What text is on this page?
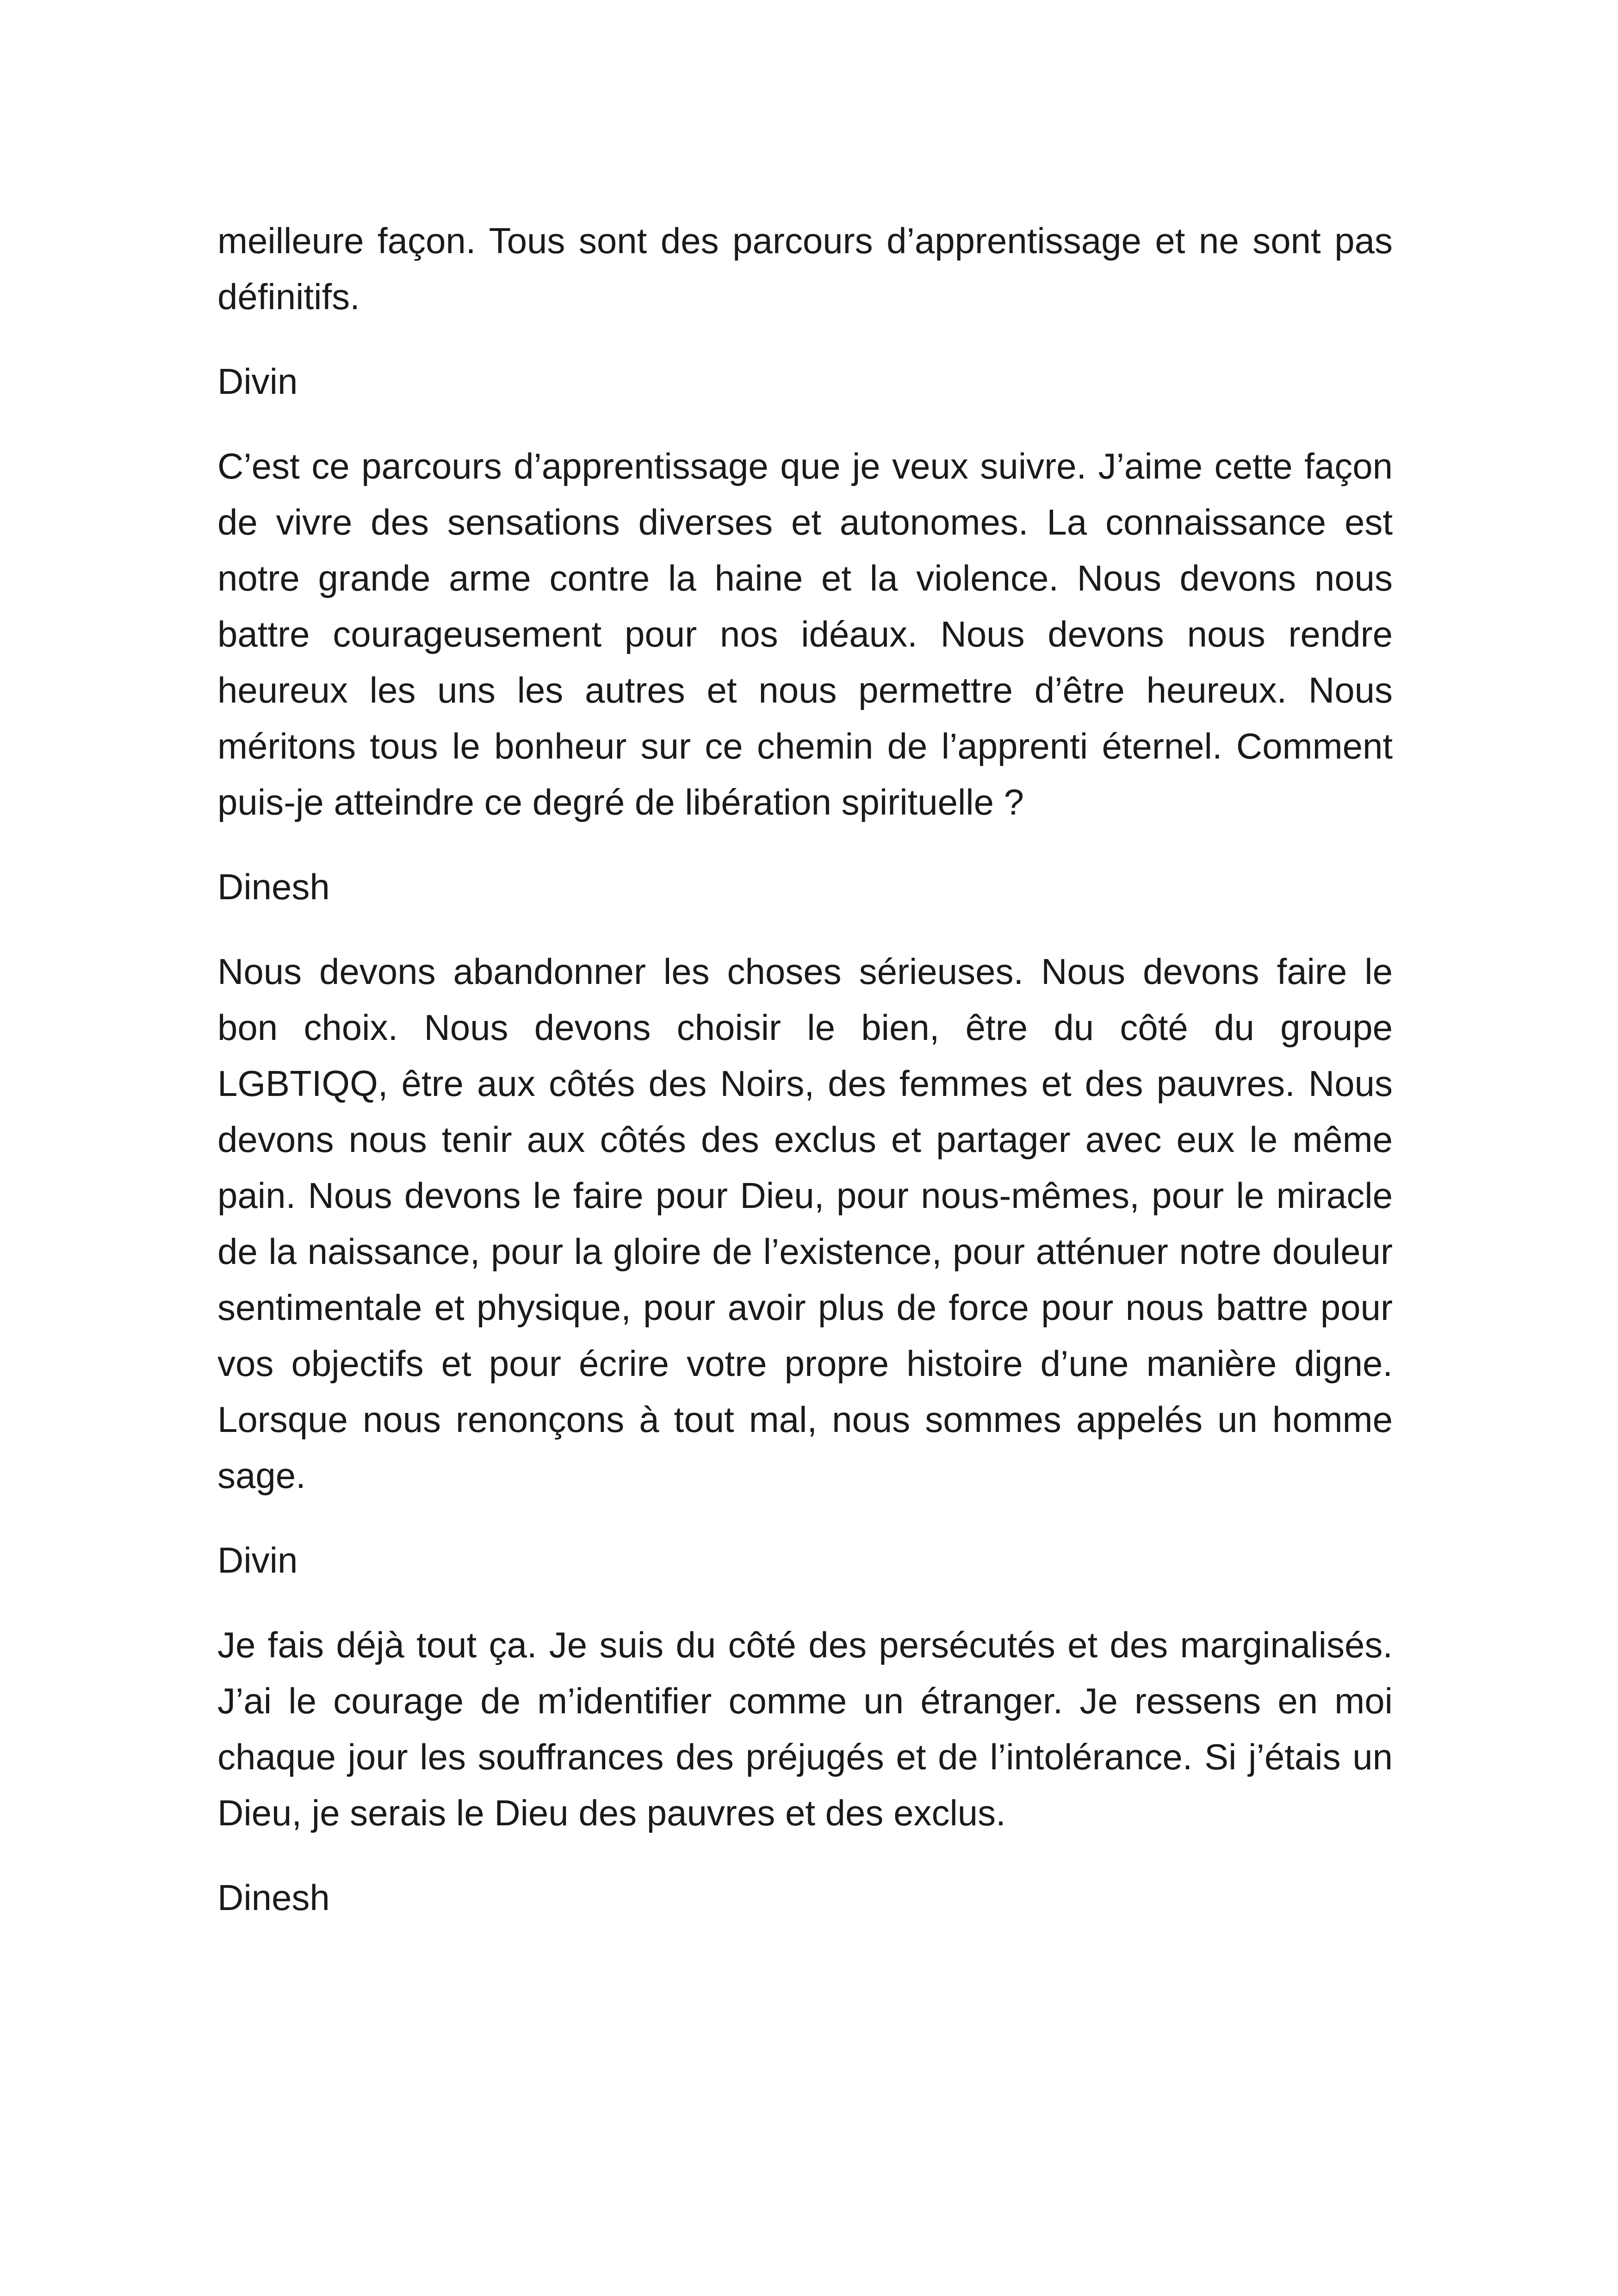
meilleure façon. Tous sont des parcours d’apprentissage et ne sont pas définitifs.

Divin

C’est ce parcours d’apprentissage que je veux suivre. J’aime cette façon de vivre des sensations diverses et autonomes. La connaissance est notre grande arme contre la haine et la violence. Nous devons nous battre courageusement pour nos idéaux. Nous devons nous rendre heureux les uns les autres et nous permettre d’être heureux. Nous méritons tous le bonheur sur ce chemin de l’apprenti éternel. Comment puis-je atteindre ce degré de libération spirituelle ?

Dinesh

Nous devons abandonner les choses sérieuses. Nous devons faire le bon choix. Nous devons choisir le bien, être du côté du groupe LGBTIQQ, être aux côtés des Noirs, des femmes et des pauvres. Nous devons nous tenir aux côtés des exclus et partager avec eux le même pain. Nous devons le faire pour Dieu, pour nous-mêmes, pour le miracle de la naissance, pour la gloire de l’existence, pour atténuer notre douleur sentimentale et physique, pour avoir plus de force pour nous battre pour vos objectifs et pour écrire votre propre histoire d’une manière digne. Lorsque nous renonçons à tout mal, nous sommes appelés un homme sage.

Divin

Je fais déjà tout ça. Je suis du côté des persécutés et des marginalisés. J’ai le courage de m’identifier comme un étranger. Je ressens en moi chaque jour les souffrances des préjugés et de l’intolérance. Si j’étais un Dieu, je serais le Dieu des pauvres et des exclus.

Dinesh
